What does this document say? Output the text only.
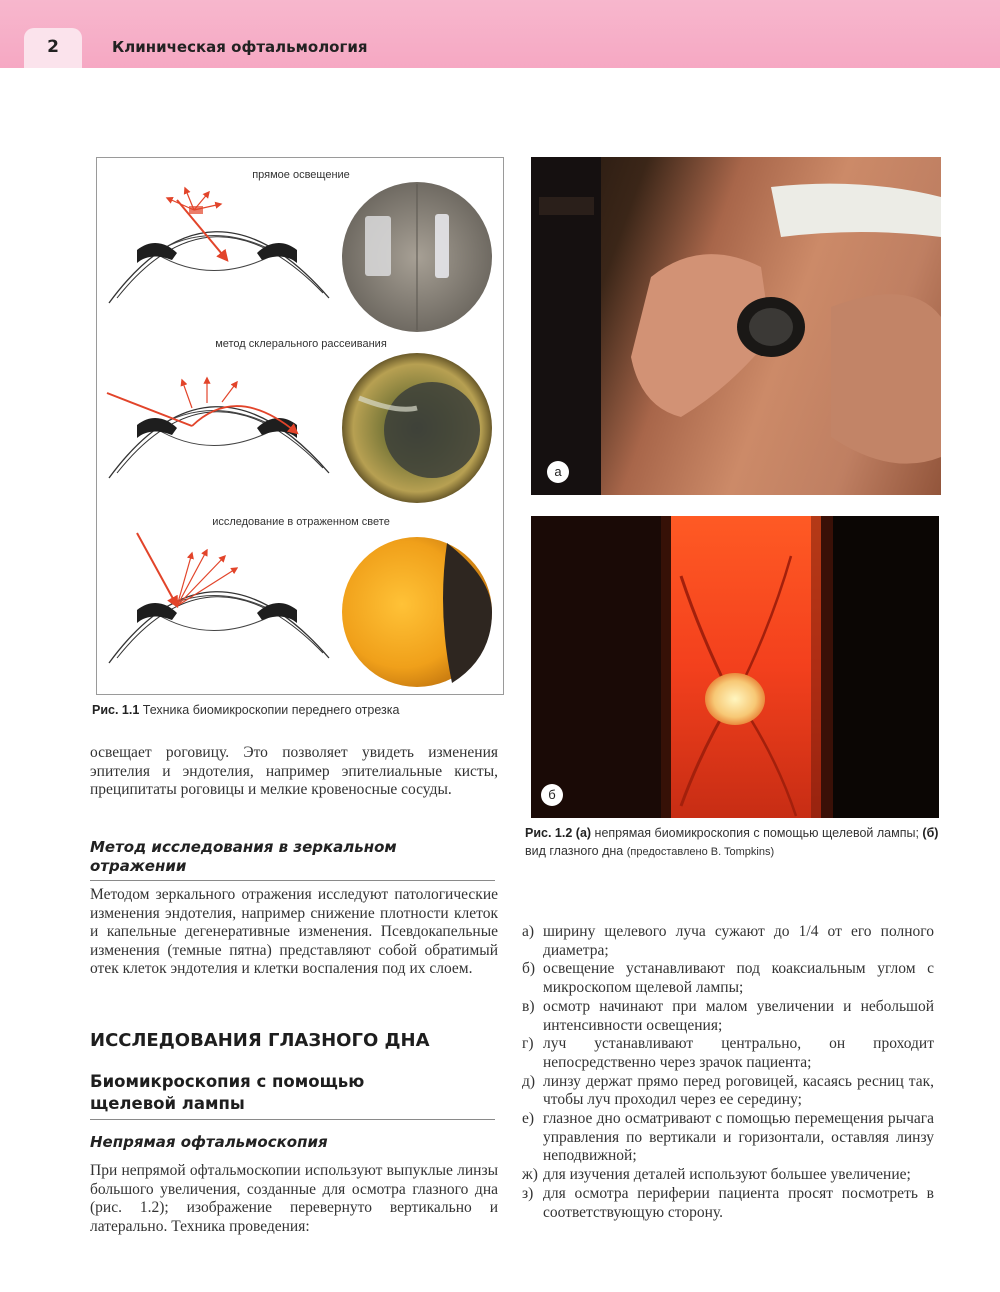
2	Клиническая офтальмология
прямое освещение
метод склерального рассеивания
исследование в отраженном свете
Рис. 1.1 Техника биомикроскопии переднего отрезка
а
б
Рис. 1.2 (а) непрямая биомикроскопия с помощью щелевой лампы; (б) вид глазного дна (предоставлено B. Tompkins)

освещает роговицу. Это позволяет увидеть изменения эпителия и эндотелия, например эпителиальные кисты, преципитаты роговицы и мелкие кровеносные сосуды.

Метод исследования в зеркальном
отражении

Методом зеркального отражения исследуют патологические изменения эндотелия, например снижение плотности клеток и капельные дегенеративные изменения. Псевдокапельные изменения (темные пятна) представляют собой обратимый отек клеток эндотелия и клетки воспаления под их слоем.

ИССЛЕДОВАНИЯ ГЛАЗНОГО ДНА
Биомикроскопия с помощью
щелевой лампы
Непрямая офтальмоскопия

При непрямой офтальмоскопии используют выпуклые линзы большого увеличения, созданные для осмотра глазного дна (рис. 1.2); изображение перевернуто вертикально и латерально. Техника проведения:

а) ширину щелевого луча сужают до 1/4 от его полного диаметра;
б) освещение устанавливают под коаксиальным углом с микроскопом щелевой лампы;
в) осмотр начинают при малом увеличении и небольшой интенсивности освещения;
г) луч устанавливают центрально, он проходит непосредственно через зрачок пациента;
д) линзу держат прямо перед роговицей, касаясь ресниц так, чтобы луч проходил через ее середину;
е) глазное дно осматривают с помощью перемещения рычага управления по вертикали и горизонтали, оставляя линзу неподвижной;
ж) для изучения деталей используют большее увеличение;
з) для осмотра периферии пациента просят посмотреть в соответствующую сторону.
